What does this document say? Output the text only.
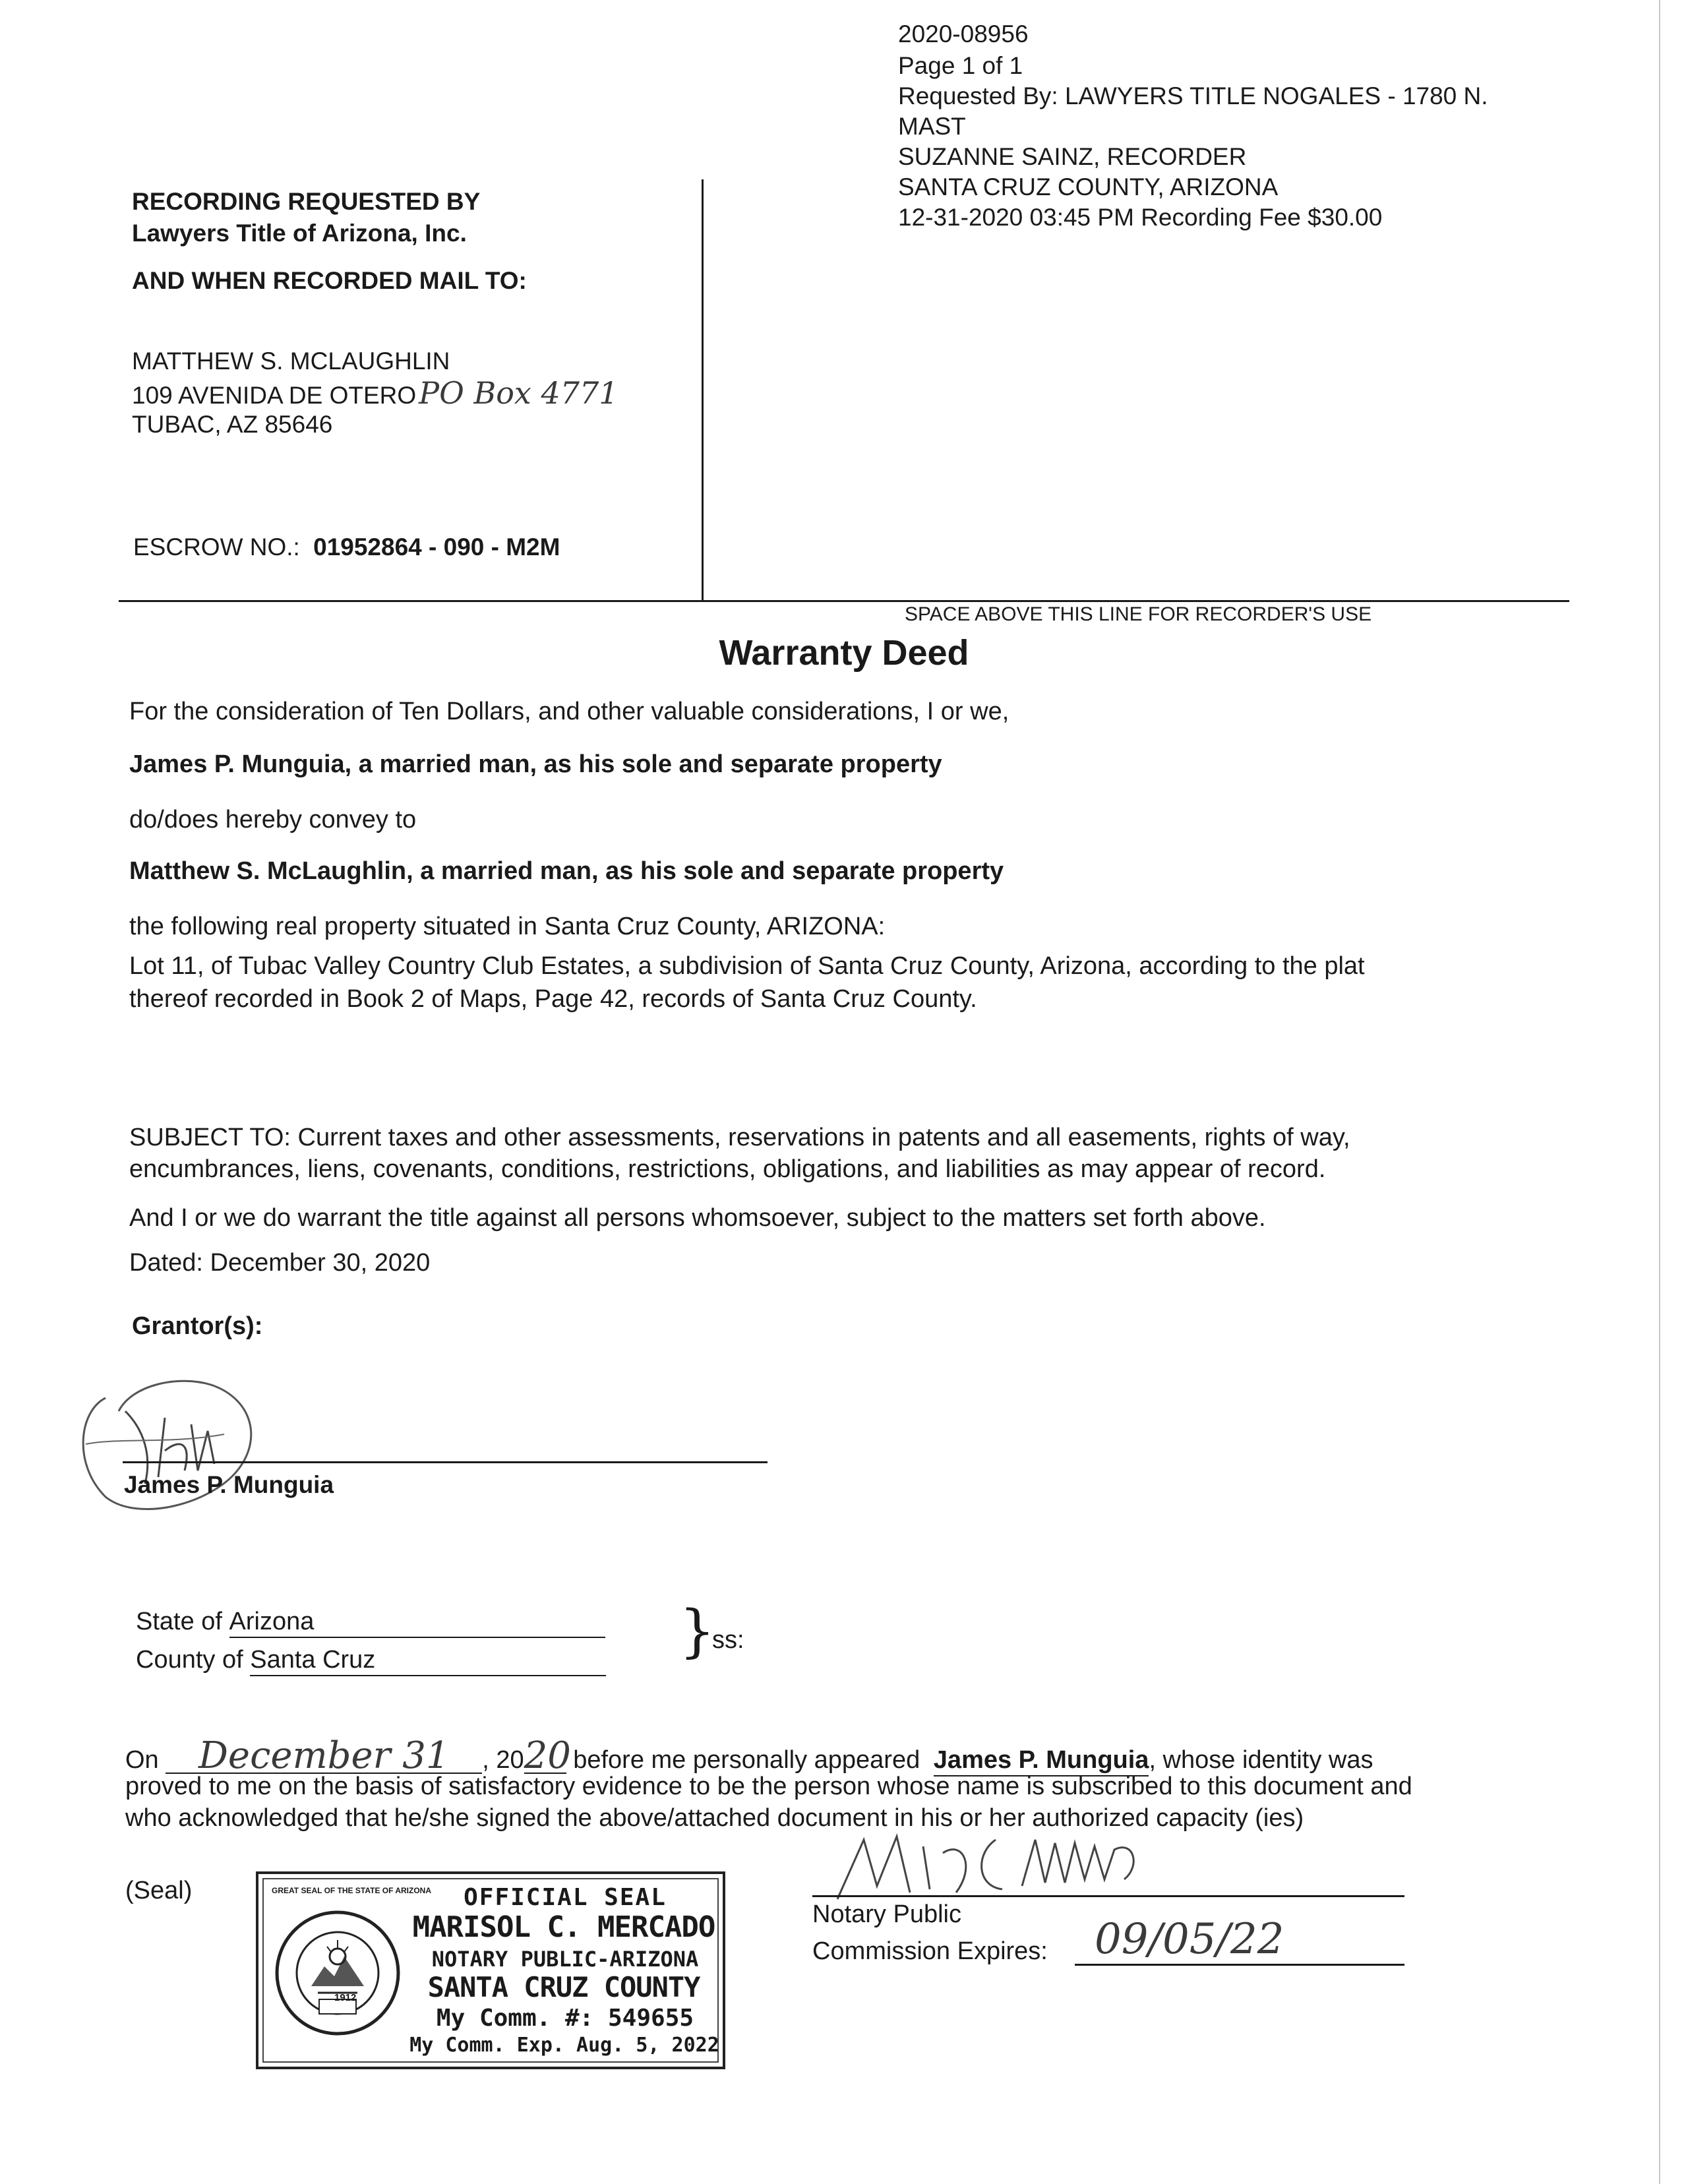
2020-08956
Page 1 of 1
Requested By: LAWYERS TITLE NOGALES - 1780 N.
MAST
SUZANNE SAINZ, RECORDER
SANTA CRUZ COUNTY, ARIZONA
12-31-2020 03:45 PM Recording Fee $30.00
RECORDING REQUESTED BY
Lawyers Title of Arizona, Inc.
AND WHEN RECORDED MAIL TO:
MATTHEW S. MCLAUGHLIN
109 AVENIDA DE OTEROPO Box 4771
TUBAC, AZ 85646
ESCROW NO.: 01952864 - 090 - M2M
SPACE ABOVE THIS LINE FOR RECORDER'S USE
Warranty Deed
For the consideration of Ten Dollars, and other valuable considerations, I or we,
James P. Munguia, a married man, as his sole and separate property
do/does hereby convey to
Matthew S. McLaughlin, a married man, as his sole and separate property
the following real property situated in Santa Cruz County, ARIZONA:
Lot 11, of Tubac Valley Country Club Estates, a subdivision of Santa Cruz County, Arizona, according to the plat
thereof recorded in Book 2 of Maps, Page 42, records of Santa Cruz County.
SUBJECT TO: Current taxes and other assessments, reservations in patents and all easements, rights of way,
encumbrances, liens, covenants, conditions, restrictions, obligations, and liabilities as may appear of record.
And I or we do warrant the title against all persons whomsoever, subject to the matters set forth above.
Dated: December 30, 2020
Grantor(s):
James P. Munguia
State of Arizona
County of Santa Cruz	}
ss:
On December 31 , 2020 before me personally appeared James P. Munguia, whose identity was
proved to me on the basis of satisfactory evidence to be the person whose name is subscribed to this document and
who acknowledged that he/she signed the above/attached document in his or her authorized capacity (ies)
(Seal)
1912
GREAT SEAL OF THE STATE OF ARIZONA	OFFICIAL SEAL
MARISOL C. MERCADO
NOTARY PUBLIC-ARIZONA
SANTA CRUZ COUNTY
My Comm. #: 549655
My Comm. Exp. Aug. 5, 2022
Notary Public
Commission Expires: 09/05/22
